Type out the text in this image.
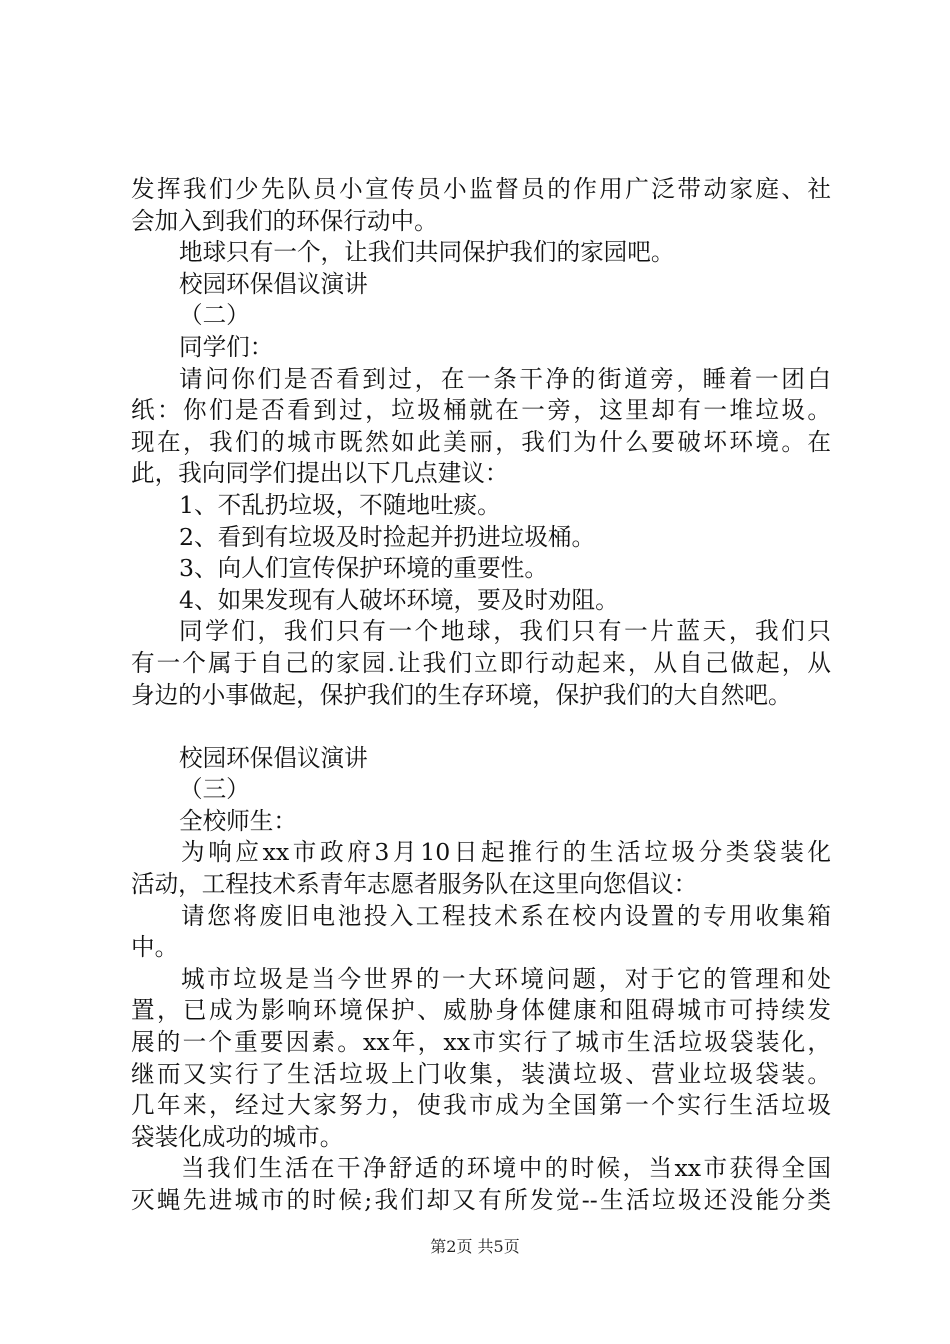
发挥我们少先队员小宣传员小监督员的作用广泛带动家庭、社
会加入到我们的环保行动中。
地球只有一个，让我们共同保护我们的家园吧。
校园环保倡议演讲
（二）
同学们：
请问你们是否看到过，在一条干净的街道旁，睡着一团白
纸：你们是否看到过，垃圾桶就在一旁，这里却有一堆垃圾。
现在，我们的城市既然如此美丽，我们为什么要破坏环境。在
此，我向同学们提出以下几点建议：
1、不乱扔垃圾，不随地吐痰。
2、看到有垃圾及时捡起并扔进垃圾桶。
3、向人们宣传保护环境的重要性。
4、如果发现有人破坏环境，要及时劝阻。
同学们，我们只有一个地球，我们只有一片蓝天，我们只
有一个属于自己的家园.让我们立即行动起来，从自己做起，从
身边的小事做起，保护我们的生存环境，保护我们的大自然吧。
校园环保倡议演讲
（三）
全校师生：
为响应xx市政府3月10日起推行的生活垃圾分类袋装化
活动，工程技术系青年志愿者服务队在这里向您倡议：
请您将废旧电池投入工程技术系在校内设置的专用收集箱
中。
城市垃圾是当今世界的一大环境问题，对于它的管理和处
置，已成为影响环境保护、威胁身体健康和阻碍城市可持续发
展的一个重要因素。xx年，xx市实行了城市生活垃圾袋装化，
继而又实行了生活垃圾上门收集，装潢垃圾、营业垃圾袋装。
几年来，经过大家努力，使我市成为全国第一个实行生活垃圾
袋装化成功的城市。
当我们生活在干净舒适的环境中的时候，当xx市获得全国
灭蝇先进城市的时候;我们却又有所发觉--生活垃圾还没能分类
第2页 共5页
